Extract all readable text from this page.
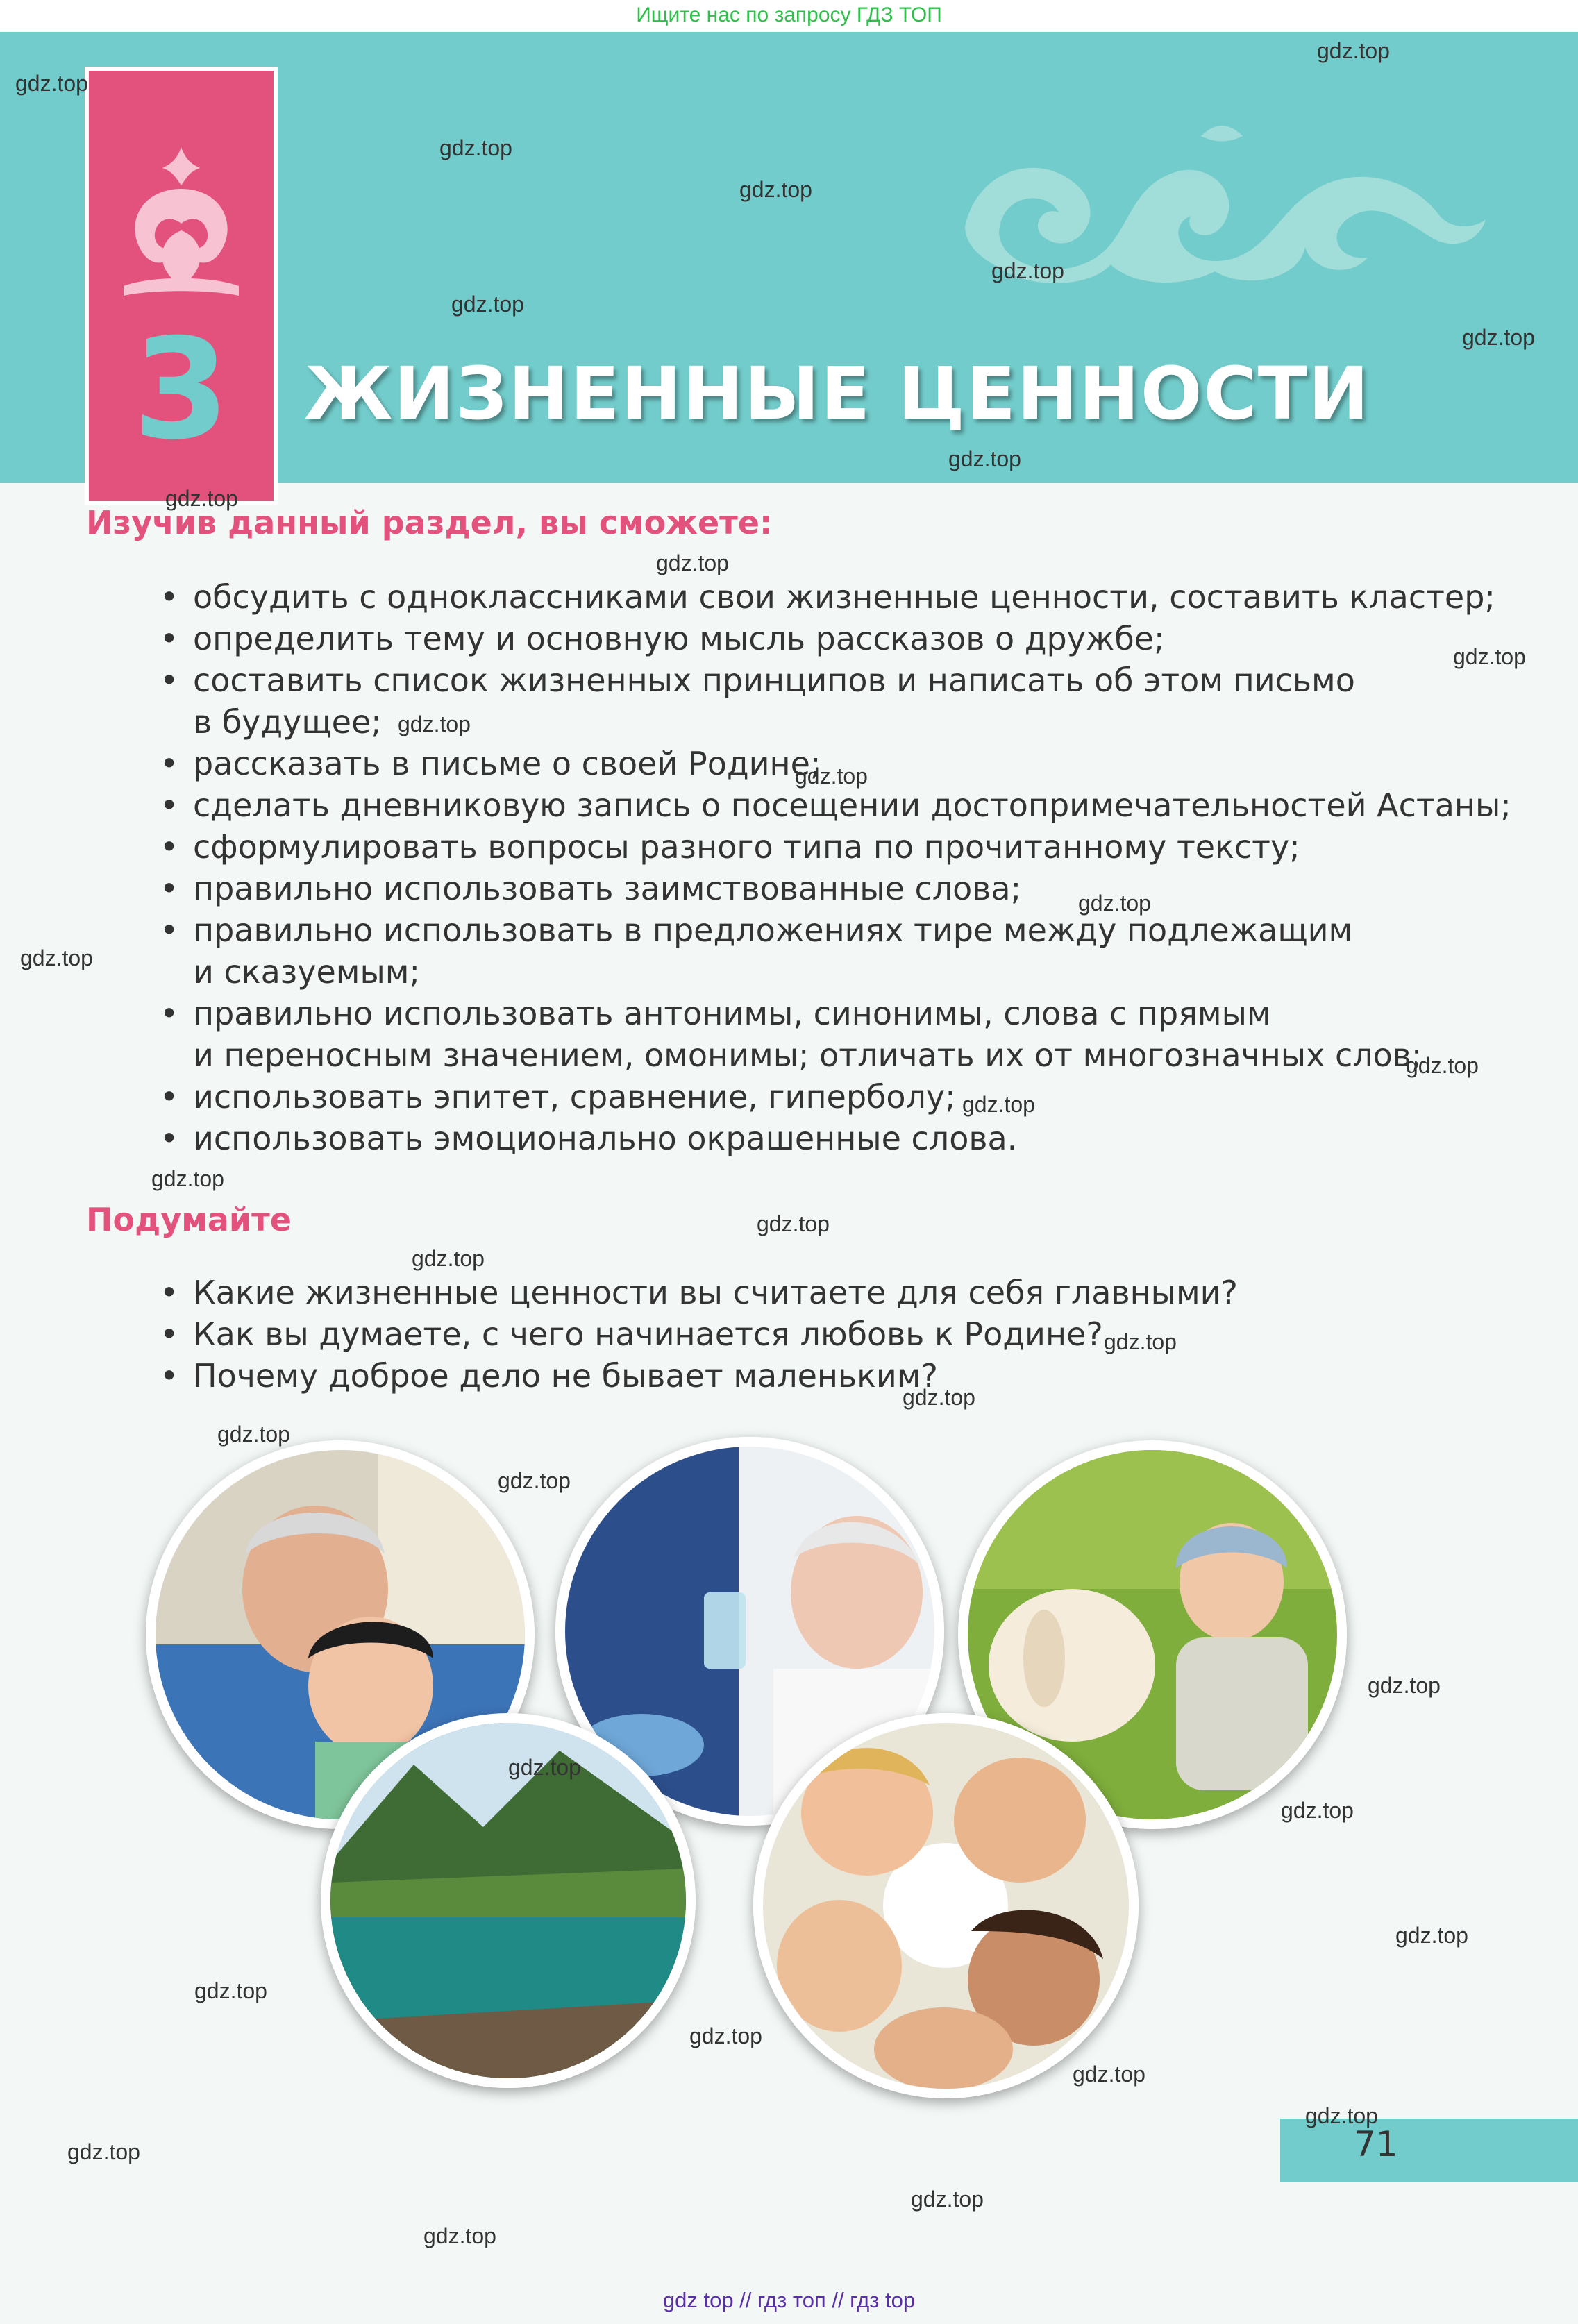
Ищите нас по запросу ГДЗ ТОП
3	ЖИЗНЕННЫЕ ЦЕННОСТИ
Изучив данный раздел, вы сможете:
• обсудить с одноклассниками свои жизненные ценности, составить кластер;
• определить тему и основную мысль рассказов о дружбе;
• составить список жизненных принципов и написать об этом письмо
в будущее;
• рассказать в письме о своей Родине;
• сделать дневниковую запись о посещении достопримечательностей Астаны;
• сформулировать вопросы разного типа по прочитанному тексту;
• правильно использовать заимствованные слова;
• правильно использовать в предложениях тире между подлежащим
и сказуемым;
• правильно использовать антонимы, синонимы, слова с прямым
и переносным значением, омонимы; отличать их от многозначных слов;
• использовать эпитет, сравнение, гиперболу;
• использовать эмоционально окрашенные слова.
Подумайте
• Какие жизненные ценности вы считаете для себя главными?
• Как вы думаете, с чего начинается любовь к Родине?
• Почему доброе дело не бывает маленьким?
71
gdz.top
gdz.top
gdz.top
gdz.top
gdz.top
gdz.top
gdz.top
gdz.top
gdz.top
gdz.top
gdz.top
gdz.top
gdz.top
gdz.top
gdz.top
gdz.top
gdz.top
gdz.top
gdz.top
gdz.top
gdz.top
gdz.top
gdz.top
gdz.top
gdz.top
gdz.top
gdz.top
gdz.top
gdz.top
gdz.top
gdz.top
gdz.top
gdz.top
gdz.top
gdz.top
gdz top // гдз топ // гдз top
